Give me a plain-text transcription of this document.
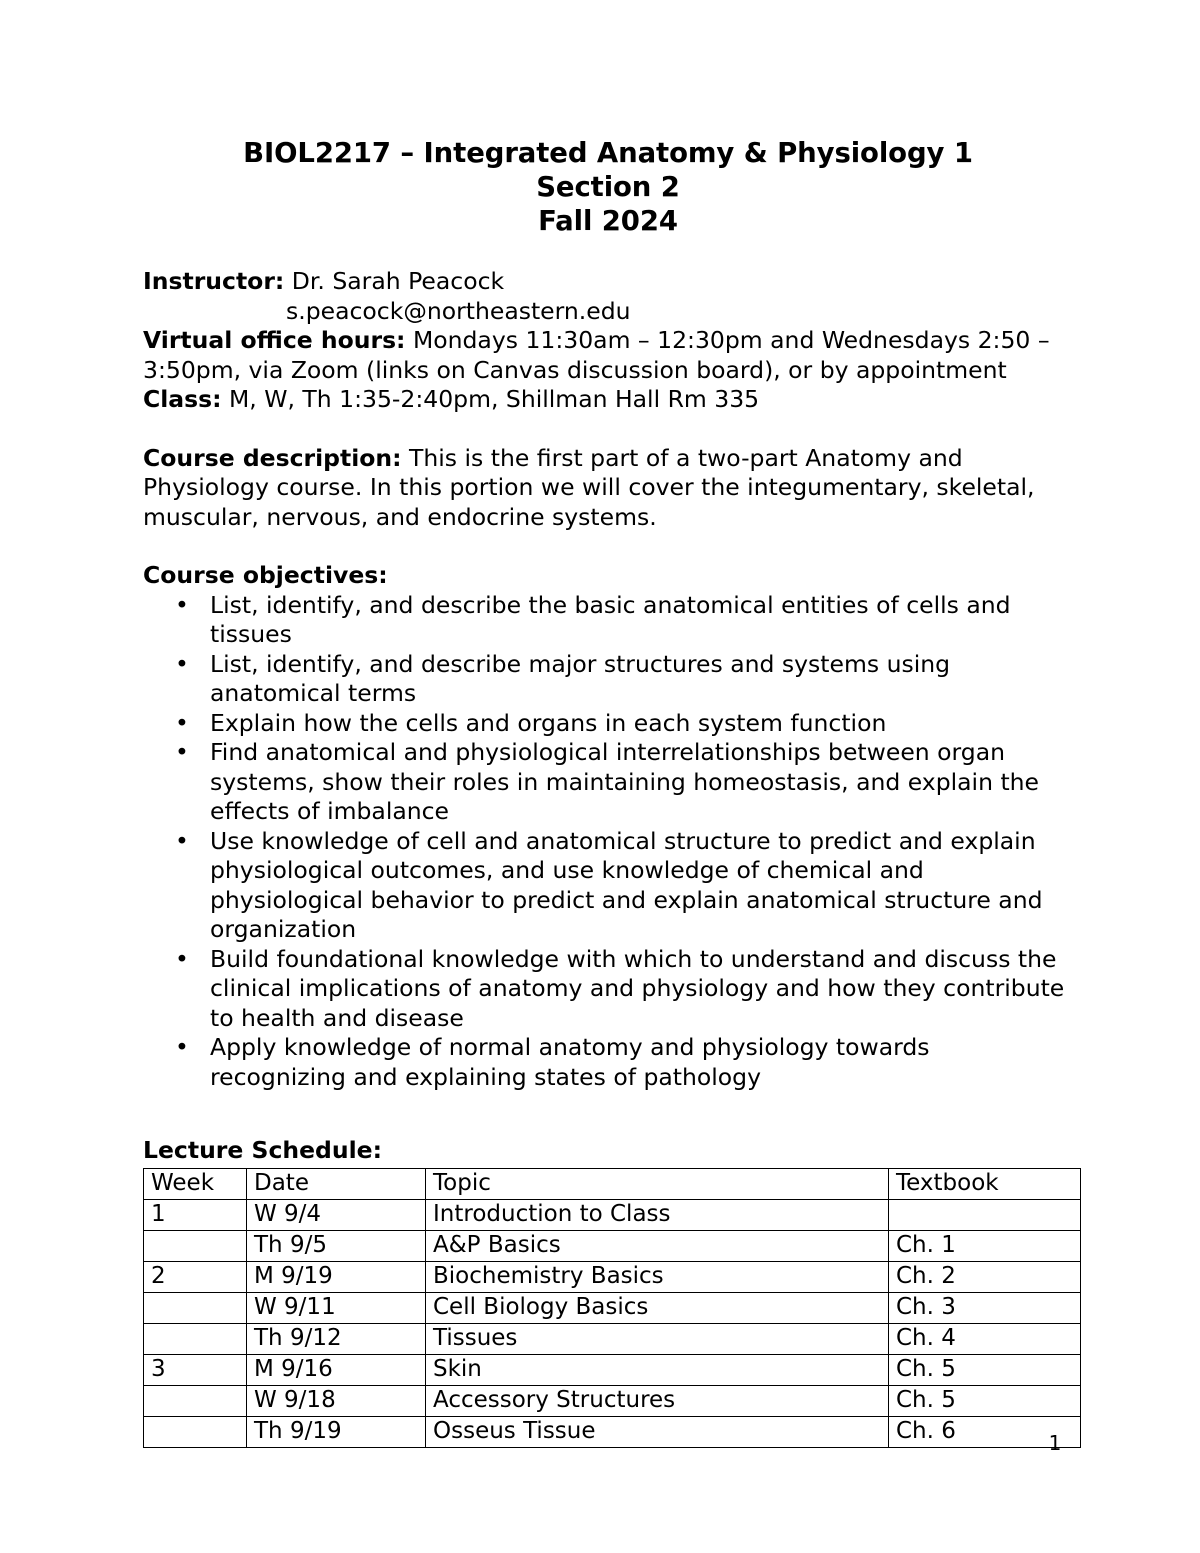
BIOL2217 – Integrated Anatomy & Physiology 1
Section 2
Fall 2024

Instructor: Dr. Sarah Peacock

s.peacock@northeastern.edu

Virtual office hours: Mondays 11:30am – 12:30pm and Wednesdays 2:50 – 3:50pm, via Zoom (links on Canvas discussion board), or by appointment

Class: M, W, Th 1:35-2:40pm, Shillman Hall Rm 335

Course description: This is the first part of a two-part Anatomy and Physiology course. In this portion we will cover the integumentary, skeletal, muscular, nervous, and endocrine systems.

Course objectives:

• List, identify, and describe the basic anatomical entities of cells and tissues
• List, identify, and describe major structures and systems using anatomical terms
• Explain how the cells and organs in each system function
• Find anatomical and physiological interrelationships between organ systems, show their roles in maintaining homeostasis, and explain the effects of imbalance
• Use knowledge of cell and anatomical structure to predict and explain physiological outcomes, and use knowledge of chemical and physiological behavior to predict and explain anatomical structure and organization
• Build foundational knowledge with which to understand and discuss the clinical implications of anatomy and physiology and how they contribute to health and disease
• Apply knowledge of normal anatomy and physiology towards recognizing and explaining states of pathology

Lecture Schedule:

Week	Date	Topic	Textbook
1	W 9/4	Introduction to Class	
	Th 9/5	A&P Basics	Ch. 1
2	M 9/19	Biochemistry Basics	Ch. 2
	W 9/11	Cell Biology Basics	Ch. 3
	Th 9/12	Tissues	Ch. 4
3	M 9/16	Skin	Ch. 5
	W 9/18	Accessory Structures	Ch. 5
	Th 9/19	Osseus Tissue	Ch. 6	1
